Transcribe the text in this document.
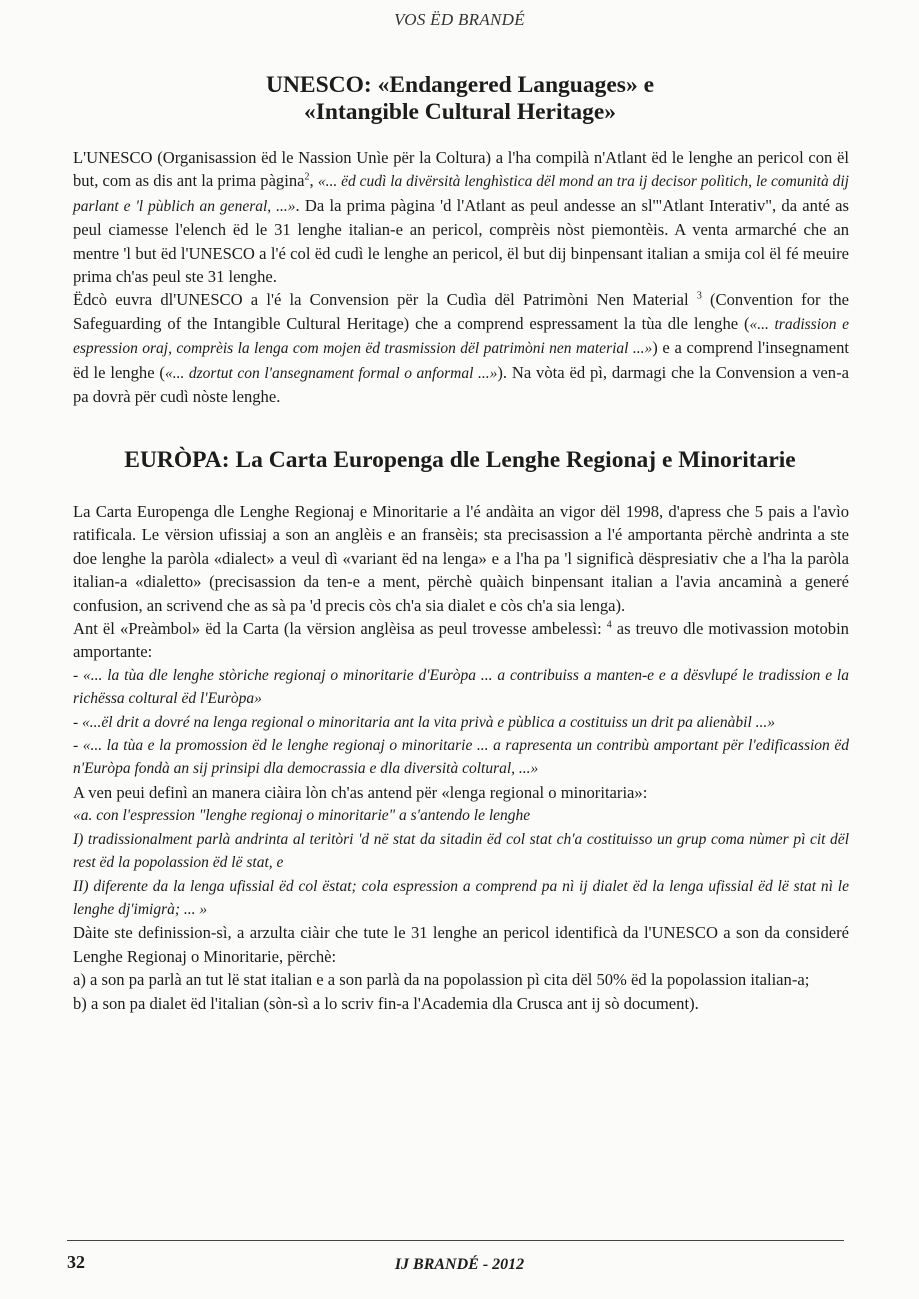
VOS ËD BRANDÉ
UNESCO: «Endangered Languages» e
«Intangible Cultural Heritage»

L'UNESCO (Organisassion ëd le Nassion Unìe për la Coltura) a l'ha compilà n'Atlant ëd le lenghe an pericol con ël but, com as dis ant la prima pàgina$^2$, «... ëd cudì la divërsità lenghìstica dël mond an tra ij decisor polìtich, le comunità dij parlant e 'l pùblich an general, ...». Da la prima pàgina 'd l'Atlant as peul andesse an sl'"Atlant Interativ", da anté as peul ciamesse l'elench ëd le 31 lenghe italian-e an pericol, comprèis nòst piemontèis. A venta armarché che an mentre 'l but ëd l'UNESCO a l'é col ëd cudì le lenghe an pericol, ël but dij binpensant italian a smija col ël fé meuire prima ch'as peul ste 31 lenghe.

Ëdcò euvra dl'UNESCO a l'é la Convension për la Cudìa dël Patrimòni Nen Material $^3$ (Convention for the Safeguarding of the Intangible Cultural Heritage) che a comprend espressament la tùa dle lenghe («... tradission e espression oraj, comprèis la lenga com mojen ëd trasmission dël patrimòni nen material ...») e a comprend l'insegnament ëd le lenghe («... dzortut con l'ansegnament formal o anformal ...»). Na vòta ëd pì, darmagi che la Convension a ven-a pa dovrà për cudì nòste lenghe.

EURÒPA: La Carta Europenga dle Lenghe Regionaj e Minoritarie

La Carta Europenga dle Lenghe Regionaj e Minoritarie a l'é andàita an vigor dël 1998, d'apress che 5 pais a l'avìo ratificala. Le vërsion ufissiaj a son an anglèis e an fransèis; sta precisassion a l'é amportanta përchè andrinta a ste doe lenghe la paròla «dialect» a veul dì «variant ëd na lenga» e a l'ha pa 'l significà dëspresiativ che a l'ha la paròla italian-a «dialetto» (precisassion da ten-e a ment, përchè quàich binpensant italian a l'avia ancaminà a generé confusion, an scrivend che as sà pa 'd precis còs ch'a sia dialet e còs ch'a sia lenga).

Ant ël «Preàmbol» ëd la Carta (la vërsion anglèisa as peul trovesse ambelessì: $^4$ as treuvo dle motivassion motobin amportante:

- «... la tùa dle lenghe stòriche regionaj o minoritarie d'Euròpa ... a contribuiss a manten-e e a dësvlupé le tradission e la richëssa coltural ëd l'Euròpa»

- «...ël drit a dovré na lenga regional o minoritaria ant la vita privà e pùblica a costituiss un drit pa alienàbil ...»

- «... la tùa e la promossion ëd le lenghe regionaj o minoritarie ... a rapresenta un contribù amportant për l'edificassion ëd n'Euròpa fondà an sij prinsipi dla democrassia e dla diversità coltural, ...»

A ven peui definì an manera ciàira lòn ch'as antend për «lenga regional o minoritaria»:

«a. con l'espression "lenghe regionaj o minoritarie" a s'antendo le lenghe

I) tradissionalment parlà andrinta al teritòri 'd në stat da sitadin ëd col stat ch'a costituisso un grup coma nùmer pì cit dël rest ëd la popolassion ëd lë stat, e

II) diferente da la lenga ufissial ëd col ëstat; cola espression a comprend pa nì ij dialet ëd la lenga ufissial ëd lë stat nì le lenghe dj'imigrà; ... »

Dàite ste definission-sì, a arzulta ciàir che tute le 31 lenghe an pericol identificà da l'UNESCO a son da consideré Lenghe Regionaj o Minoritarie, përchè:

a) a son pa parlà an tut lë stat italian e a son parlà da na popolassion pì cita dël 50% ëd la popolassion italian-a;

b) a son pa dialet ëd l'italian (sòn-sì a lo scriv fin-a l'Academia dla Crusca ant ij sò document).

32	IJ BRANDÉ - 2012
